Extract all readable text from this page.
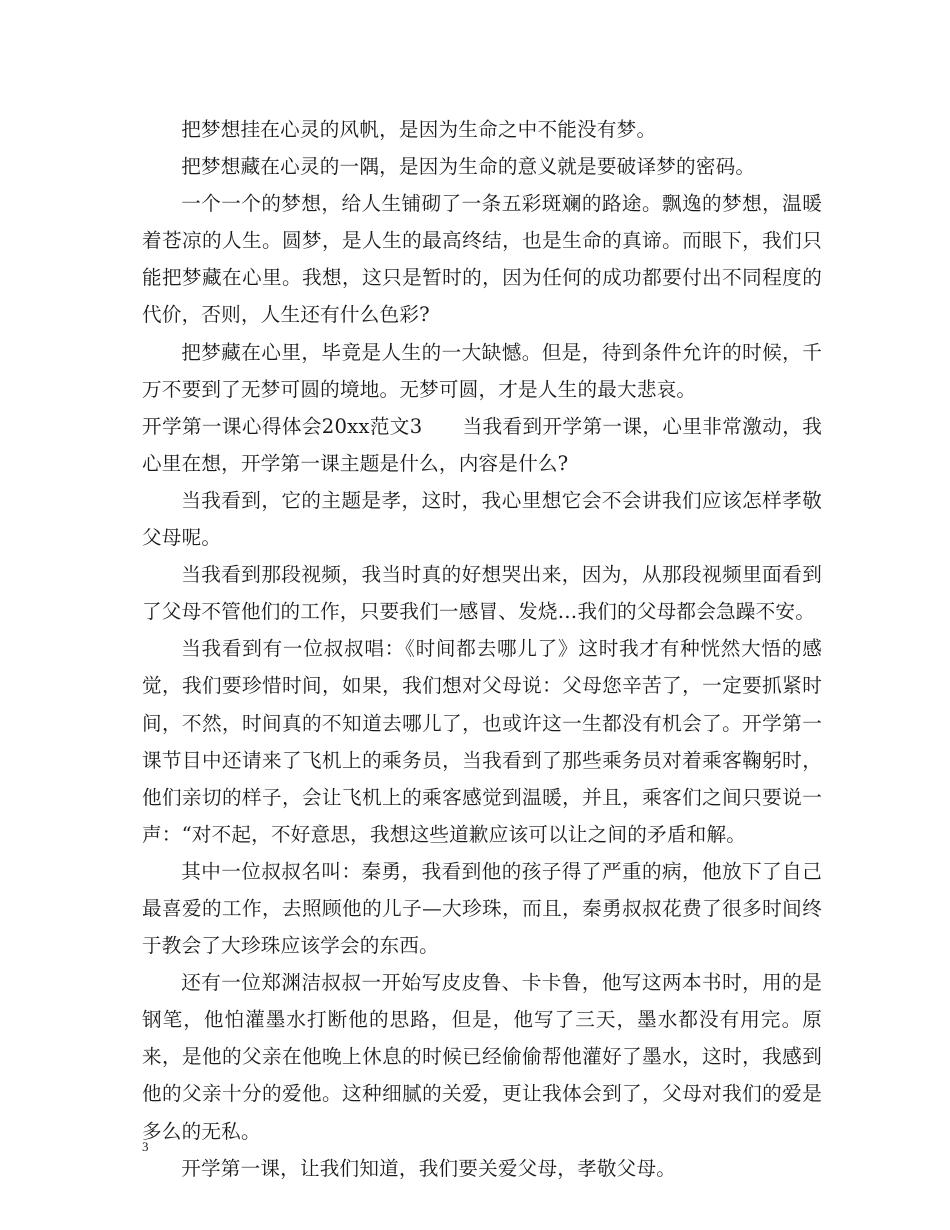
把梦想挂在心灵的风帆，是因为生命之中不能没有梦。

把梦想藏在心灵的一隅，是因为生命的意义就是要破译梦的密码。

一个一个的梦想，给人生铺砌了一条五彩斑斓的路途。飘逸的梦想，温暖着苍凉的人生。圆梦，是人生的最高终结，也是生命的真谛。而眼下，我们只能把梦藏在心里。我想，这只是暂时的，因为任何的成功都要付出不同程度的代价，否则，人生还有什么色彩?

把梦藏在心里，毕竟是人生的一大缺憾。但是，待到条件允许的时候，千万不要到了无梦可圆的境地。无梦可圆，才是人生的最大悲哀。

开学第一课心得体会20xx范文3　　当我看到开学第一课，心里非常激动，我心里在想，开学第一课主题是什么，内容是什么?

当我看到，它的主题是孝，这时，我心里想它会不会讲我们应该怎样孝敬父母呢。

当我看到那段视频，我当时真的好想哭出来，因为，从那段视频里面看到了父母不管他们的工作，只要我们一感冒、发烧…我们的父母都会急躁不安。

当我看到有一位叔叔唱：《时间都去哪儿了》这时我才有种恍然大悟的感觉，我们要珍惜时间，如果，我们想对父母说：父母您辛苦了，一定要抓紧时间，不然，时间真的不知道去哪儿了，也或许这一生都没有机会了。开学第一课节目中还请来了飞机上的乘务员，当我看到了那些乘务员对着乘客鞠躬时，他们亲切的样子，会让飞机上的乘客感觉到温暖，并且，乘客们之间只要说一声：“对不起，不好意思，我想这些道歉应该可以让之间的矛盾和解。

其中一位叔叔名叫：秦勇，我看到他的孩子得了严重的病，他放下了自己最喜爱的工作，去照顾他的儿子—大珍珠，而且，秦勇叔叔花费了很多时间终于教会了大珍珠应该学会的东西。

还有一位郑渊洁叔叔一开始写皮皮鲁、卡卡鲁，他写这两本书时，用的是钢笔，他怕灌墨水打断他的思路，但是，他写了三天，墨水都没有用完。原来，是他的父亲在他晚上休息的时候已经偷偷帮他灌好了墨水，这时，我感到他的父亲十分的爱他。这种细腻的关爱，更让我体会到了，父母对我们的爱是多么的无私。

开学第一课，让我们知道，我们要关爱父母，孝敬父母。

3
